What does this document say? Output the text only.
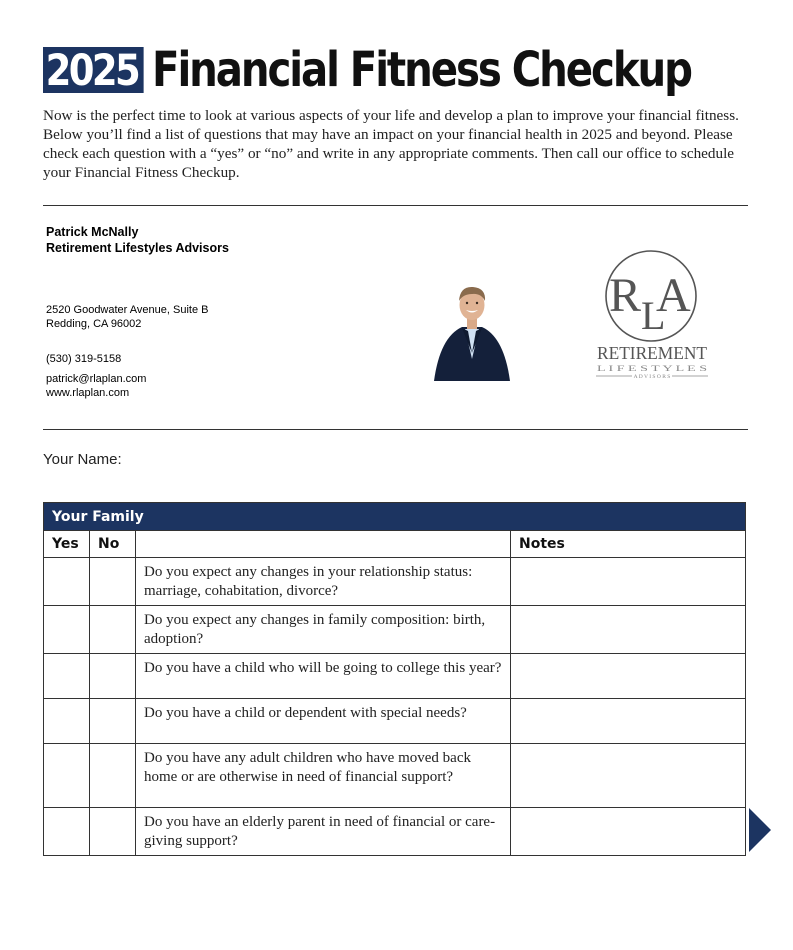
2025 Financial Fitness Checkup

Now is the perfect time to look at various aspects of your life and develop a plan to improve your financial fitness. Below you’ll find a list of questions that may have an impact on your financial health in 2025 and beyond. Please check each question with a “yes” or “no” and write in any appropriate comments. Then call our office to schedule your Financial Fitness Checkup.

Patrick McNally
Retirement Lifestyles Advisors
2520 Goodwater Avenue, Suite B
Redding, CA 96002
(530) 319-5158
patrick@rlaplan.com
www.rlaplan.com
R L
A
RETIREMENT
L I F E S T Y L E S
A D V I S O R S
Your Name:
Your Family			
Yes	No		Notes
		Do you expect any changes in your relationship status: marriage, cohabitation, divorce?	
		Do you expect any changes in family composition: birth, adoption?	
		Do you have a child who will be going to college this year?	
		Do you have a child or dependent with special needs?	
		Do you have any adult children who have moved back home or are otherwise in need of financial support?	
		Do you have an elderly parent in need of financial or care-giving support?	
